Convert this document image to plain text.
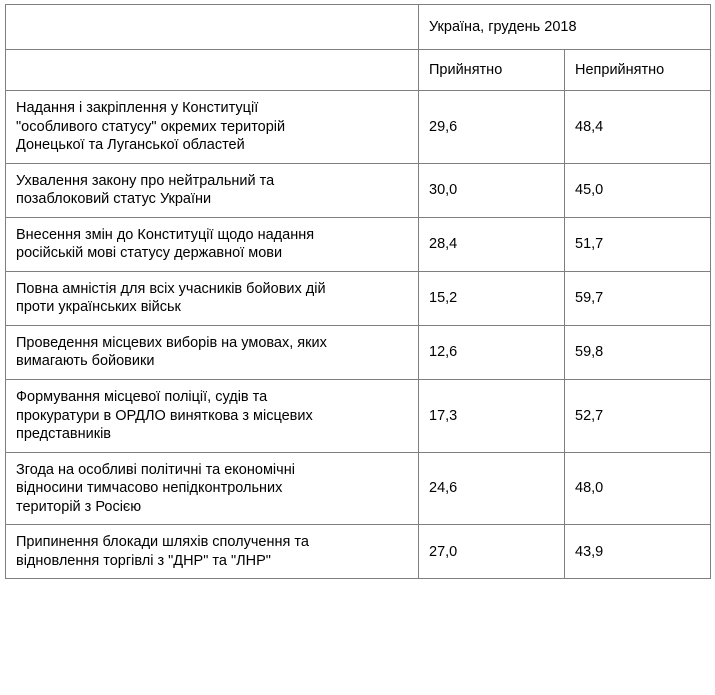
	Україна, грудень 2018	
	Прийнятно	Неприйнятно

Надання і закріплення у Конституції
"особливого статусу" окремих територій
Донецької та Луганської областей	29,6	48,4

Ухвалення закону про нейтральний та
позаблоковий статус України	30,0	45,0

Внесення змін до Конституції щодо надання
російській мові статусу державної мови	28,4	51,7

Повна амністія для всіх учасників бойових дій
проти українських військ	15,2	59,7

Проведення місцевих виборів на умовах, яких
вимагають бойовики	12,6	59,8

Формування місцевої поліції, судів та
прокуратури в ОРДЛО виняткова з місцевих
представників	17,3	52,7

Згода на особливі політичні та економічні
відносини тимчасово непідконтрольних
територій з Росією	24,6	48,0

Припинення блокади шляхів сполучення та
відновлення торгівлі з "ДНР" та "ЛНР"	27,0	43,9
